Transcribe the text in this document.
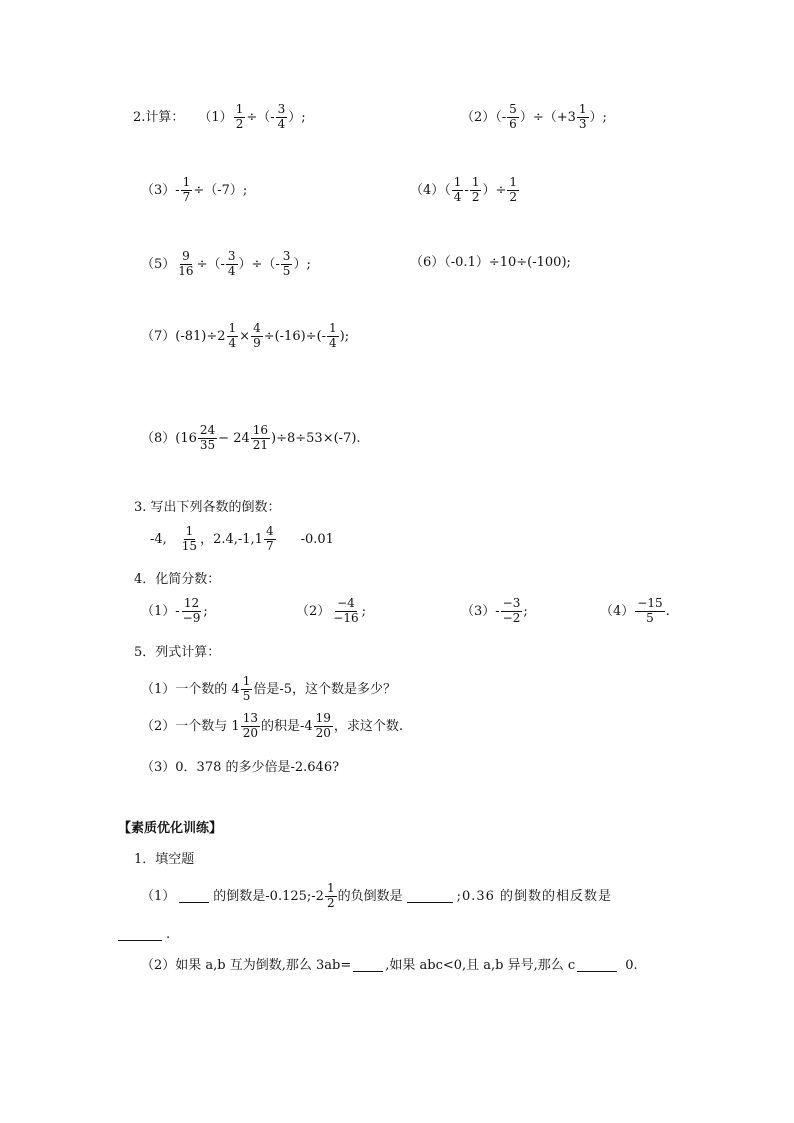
2.计算： $(1) \frac{1}{2}$ ÷（- $\frac{3}{4}$ ）;	$(2)(- \frac{5}{6} )\div(+3 \frac{1}{3}$ ）;
$(3)- \frac{1}{7} \div(-7)$;	$(4)( \frac{1}{4} - \frac{1}{2}$ ）÷ $\frac{1}{2}$
$(5) \frac{9}{16}$ ÷（- $\frac{3}{4}$ ）÷（- $\frac{3}{5}$ ）;	（6）（-0.1）÷10÷(-100);
$(7)(-81)\div 2 \frac{1}{4} \times \frac{4}{9} \div(-16)\div(- \frac{1}{4}$ );
$(8)(16 \frac{24}{35} - 24 \frac{16}{21} )\div 8\div 53\times(-7)$.
3. 写出下列各数的倒数：
-4, $\frac{1}{15}$ ，$2.4,-1,1 \frac{4}{7} -0.01$
4．化简分数：
$(1)- \frac{12}{-9}$ ;	$(2) \frac{-4}{-16}$ ;	$(3)- \frac{-3}{-2}$ ;	$(4) \frac{-15}{5}$ .
5．列式计算：
（1）一个数的 $4 \frac{1}{5}$ 倍是-5，这个数是多少？
（2）一个数与 $1 \frac{13}{20}$ 的积是$-4 \frac{19}{20}$ ，求这个数.
（3）0．378 的多少倍是-2.646?
【素质优化训练】
1．填空题
（1）	的倒数是-0.125;-2 $\frac{1}{2}$ 的负倒数是	;0.36 的倒数的相反数是
.
（2）如果 a,b 互为倒数,那么 3ab=	,如果 abc<0,且 a,b 异号,那么 c	0.
